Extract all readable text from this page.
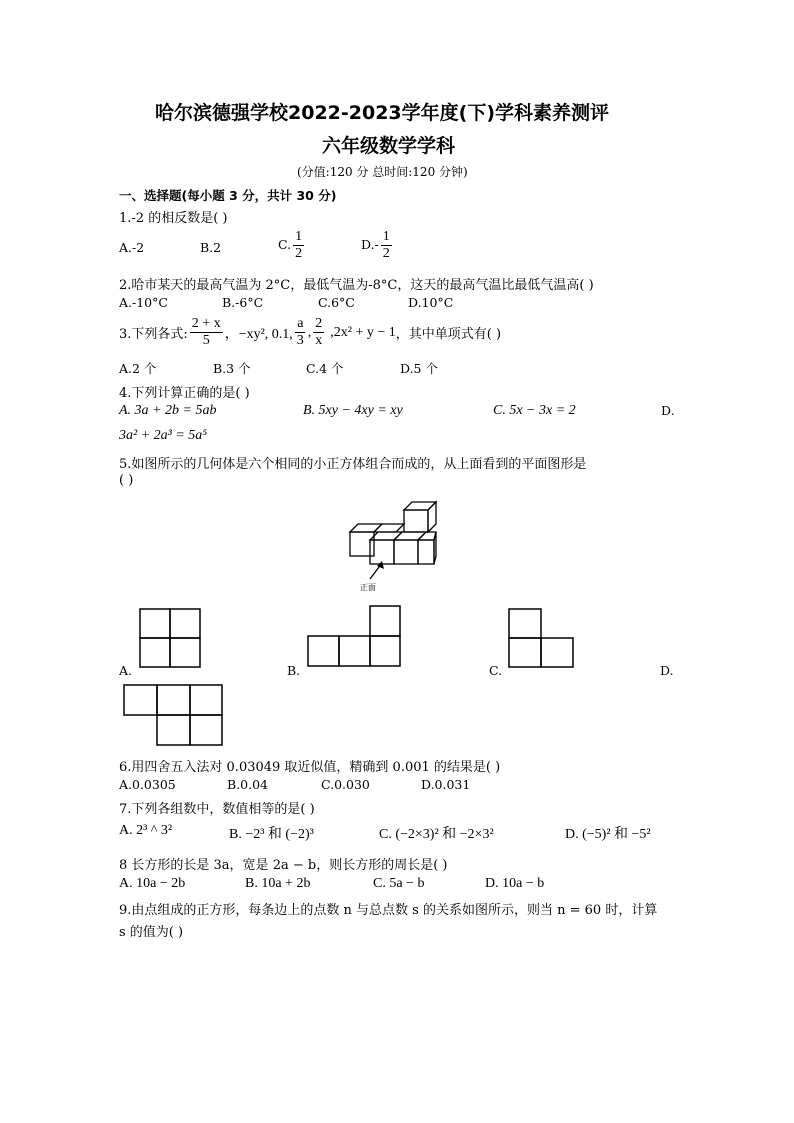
哈尔滨德强学校2022-2023学年度(下)学科素养测评
六年级数学学科
(分值:120 分 总时间:120 分钟)
一、选择题(每小题 3 分，共计 30 分)
1.-2 的相反数是( )
A.-2	B.2	C. $\frac{1}{2}$	$D.- \frac{1}{2}$
2.哈市某天的最高气温为 2°C，最低气温为-8°C，这天的最高气温比最低气温高( )
A.-10°C	B.-6°C	C.6°C	D.10°C
3.下列各式: $\frac{2 + x}{5}$ ，−xy², 0.1, $\frac{a}{3}$ , $\frac{2}{x}$ , 2x² + y − 1 ，其中单项式有( )
A.2 个	B.3 个	C.4 个	D.5 个
4.下列计算正确的是( )
A. 3a + 2b = 5ab	B. 5xy − 4xy = xy	C. 5x − 3x = 2	D.
3a² + 2a³ = 5a⁵
5.如图所示的几何体是六个相同的小正方体组合而成的，从上面看到的平面图形是
( )
正面
A.	B.	C.	D.
6.用四舍五入法对 0.03049 取近似值，精确到 0.001 的结果是( )
A.0.0305	B.0.04	C.0.030	D.0.031
7.下列各组数中，数值相等的是( )
A. 2³ ^ 3²	B. −2³ 和 (−2)³	C. (−2×3)² 和 −2×3²	D. (−5)² 和 −5²
8 长方形的长是 3a，宽是 2a − b，则长方形的周长是( )
A. 10a − 2b	B. 10a + 2b	C. 5a − b	D. 10a − b
9.由点组成的正方形，每条边上的点数 n 与总点数 s 的关系如图所示，则当 n = 60 时，计算
s 的值为( )
